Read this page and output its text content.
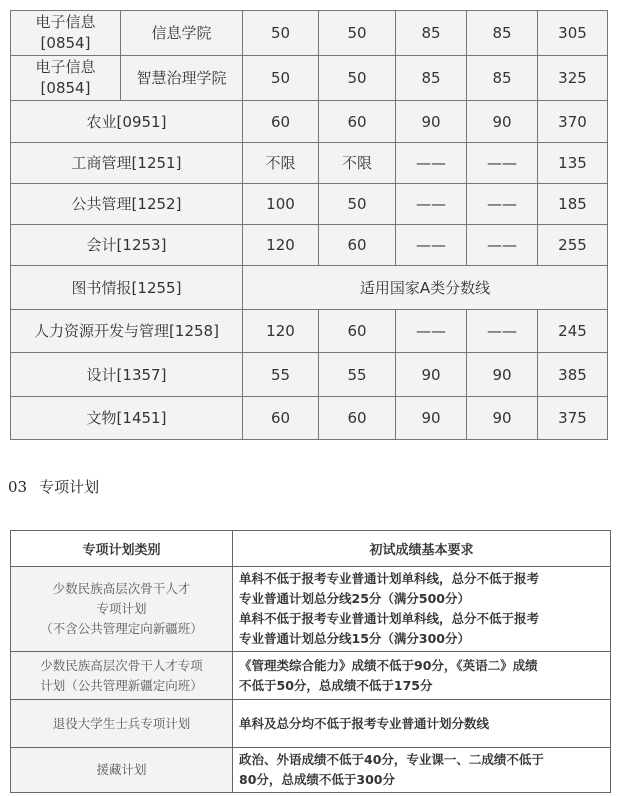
电子信息
[0854]	信息学院	50	50	85	85	305

电子信息
[0854]	智慧治理学院	50	50	85	85	325
农业[0951]		60	60	90	90	370
工商管理[1251]		不限	不限	——	——	135
公共管理[1252]		100	50	——	——	185
会计[1253]		120	60	——	——	255
图书情报[1255]		适用国家A类分数线				
人力资源开发与管理[1258]		120	60	——	——	245
设计[1357]		55	55	90	90	385
文物[1451]		60	60	90	90	375
03 专项计划
专项计划类别	初试成绩基本要求

少数民族高层次骨干人才
专项计划
（不含公共管理定向新疆班）	单科不低于报考专业普通计划单科线，总分不低于报考
专业普通计划总分线25分（满分500分）
单科不低于报考专业普通计划单科线，总分不低于报考
专业普通计划总分线15分（满分300分）

少数民族高层次骨干人才专项
计划（公共管理新疆定向班）	《管理类综合能力》成绩不低于90分，《英语二》成绩
不低于50分，总成绩不低于175分

退役大学生士兵专项计划	单科及总分均不低于报考专业普通计划分数线

援藏计划	政治、外语成绩不低于40分，专业课一、二成绩不低于
80分，总成绩不低于300分
